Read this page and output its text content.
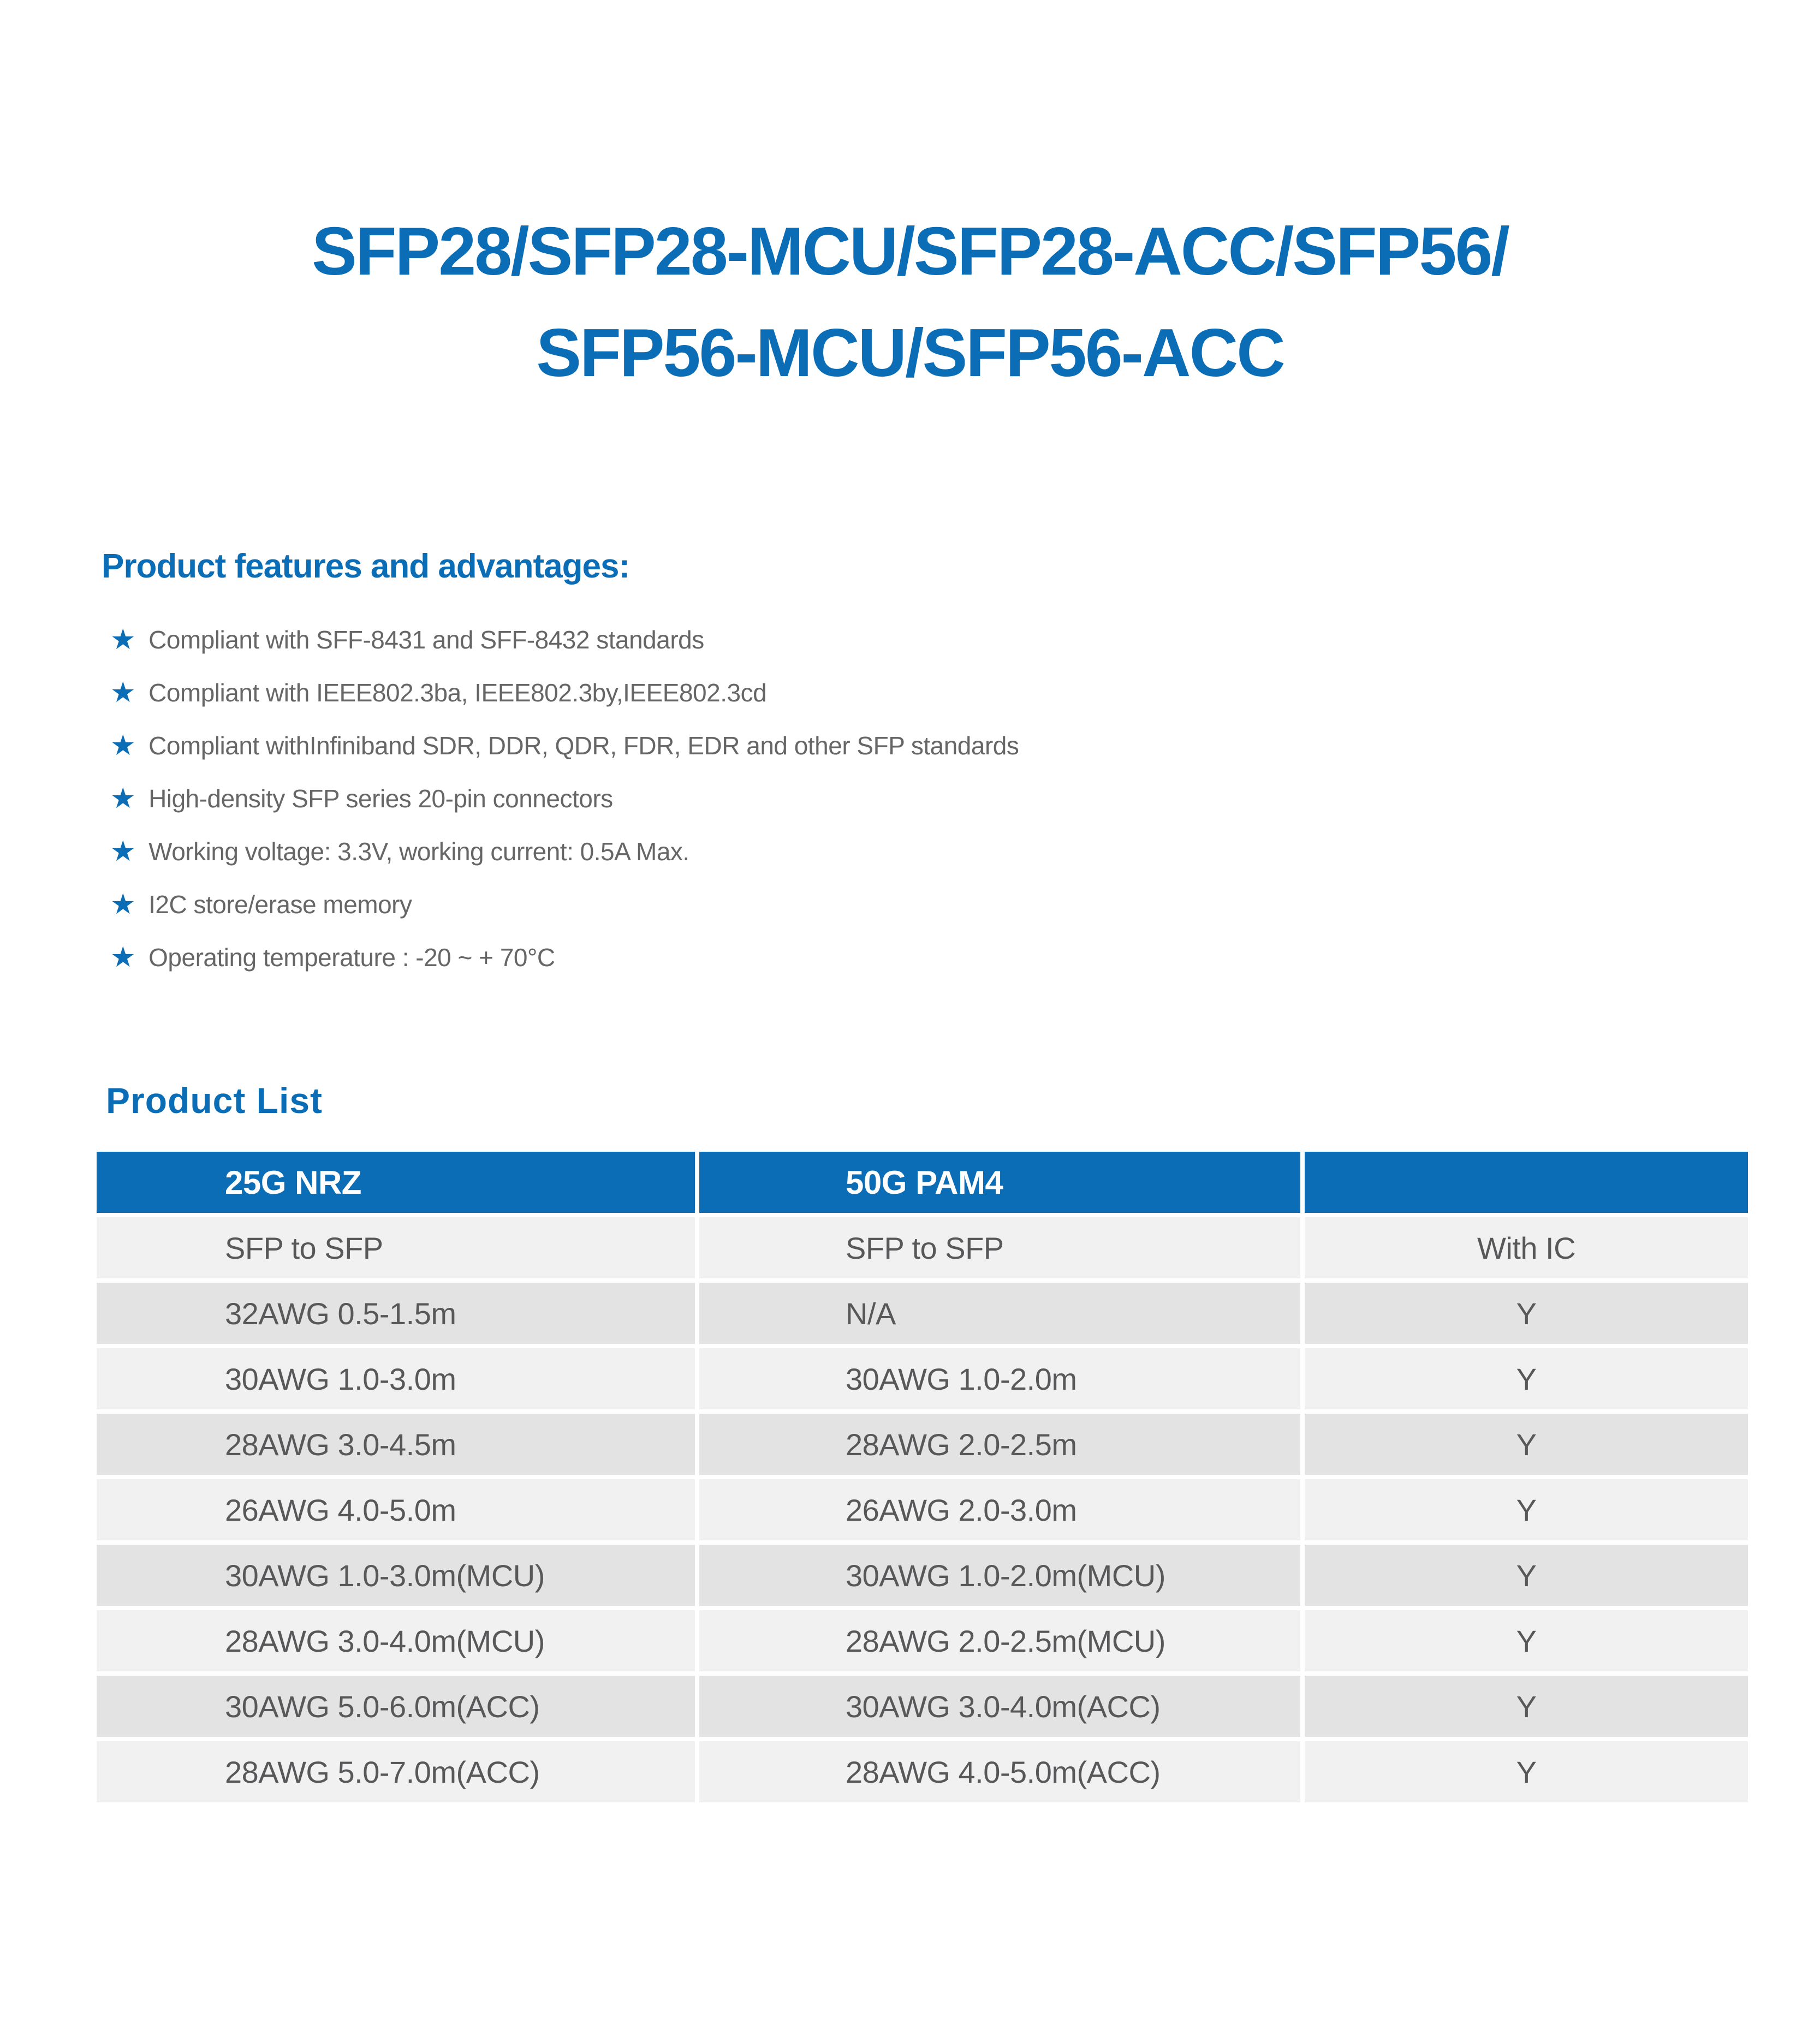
SFP28/SFP28-MCU/SFP28-ACC/SFP56/
SFP56-MCU/SFP56-ACC
Product features and advantages:
★ Compliant with SFF-8431 and SFF-8432 standards
★ Compliant with IEEE802.3ba, IEEE802.3by,IEEE802.3cd
★ Compliant withInfiniband SDR, DDR, QDR, FDR, EDR and other SFP standards
★ High-density SFP series 20-pin connectors
★ Working voltage: 3.3V, working current: 0.5A Max.
★ I2C store/erase memory
★ Operating temperature : -20 ~ + 70°C
Product List
25G NRZ	50G PAM4
SFP to SFP	SFP to SFP	With IC
32AWG 0.5-1.5m	N/A	Y
30AWG 1.0-3.0m	30AWG 1.0-2.0m	Y
28AWG 3.0-4.5m	28AWG 2.0-2.5m	Y
26AWG 4.0-5.0m	26AWG 2.0-3.0m	Y
30AWG 1.0-3.0m(MCU)	30AWG 1.0-2.0m(MCU)	Y
28AWG 3.0-4.0m(MCU)	28AWG 2.0-2.5m(MCU)	Y
30AWG 5.0-6.0m(ACC)	30AWG 3.0-4.0m(ACC)	Y
28AWG 5.0-7.0m(ACC)	28AWG 4.0-5.0m(ACC)	Y
